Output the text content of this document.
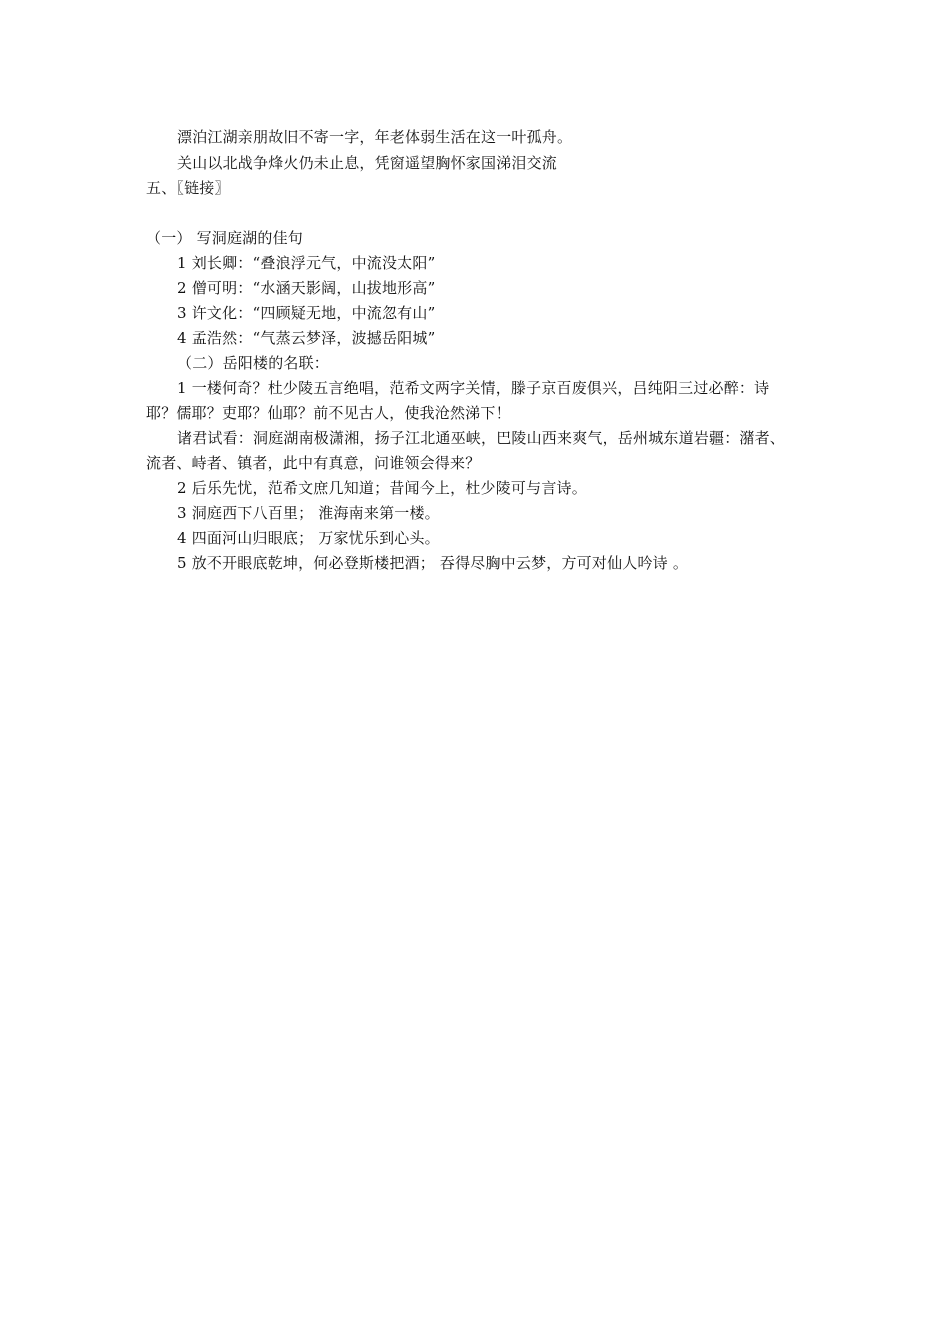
漂泊江湖亲朋故旧不寄一字，年老体弱生活在这一叶孤舟。
关山以北战争烽火仍未止息，凭窗遥望胸怀家国涕泪交流
五、〖链接〗
（一） 写洞庭湖的佳句
1 刘长卿：“叠浪浮元气，中流没太阳”
2 僧可明：“水涵天影阔，山拔地形高”
3 许文化：“四顾疑无地，中流忽有山”
4 孟浩然：“气蒸云梦泽，波撼岳阳城”
（二）岳阳楼的名联：
1 一楼何奇？杜少陵五言绝唱，范希文两字关情，滕子京百废俱兴，吕纯阳三过必醉：诗
耶？儒耶？吏耶？仙耶？前不见古人，使我沧然涕下！
诸君试看：洞庭湖南极潇湘，扬子江北通巫峡，巴陵山西来爽气，岳州城东道岩疆：潴者、
流者、峙者、镇者，此中有真意，问谁领会得来？
2 后乐先忧，范希文庶几知道；昔闻今上，杜少陵可与言诗。
3 洞庭西下八百里； 淮海南来第一楼。
4 四面河山归眼底； 万家忧乐到心头。
5 放不开眼底乾坤，何必登斯楼把酒； 吞得尽胸中云梦，方可对仙人吟诗 。
